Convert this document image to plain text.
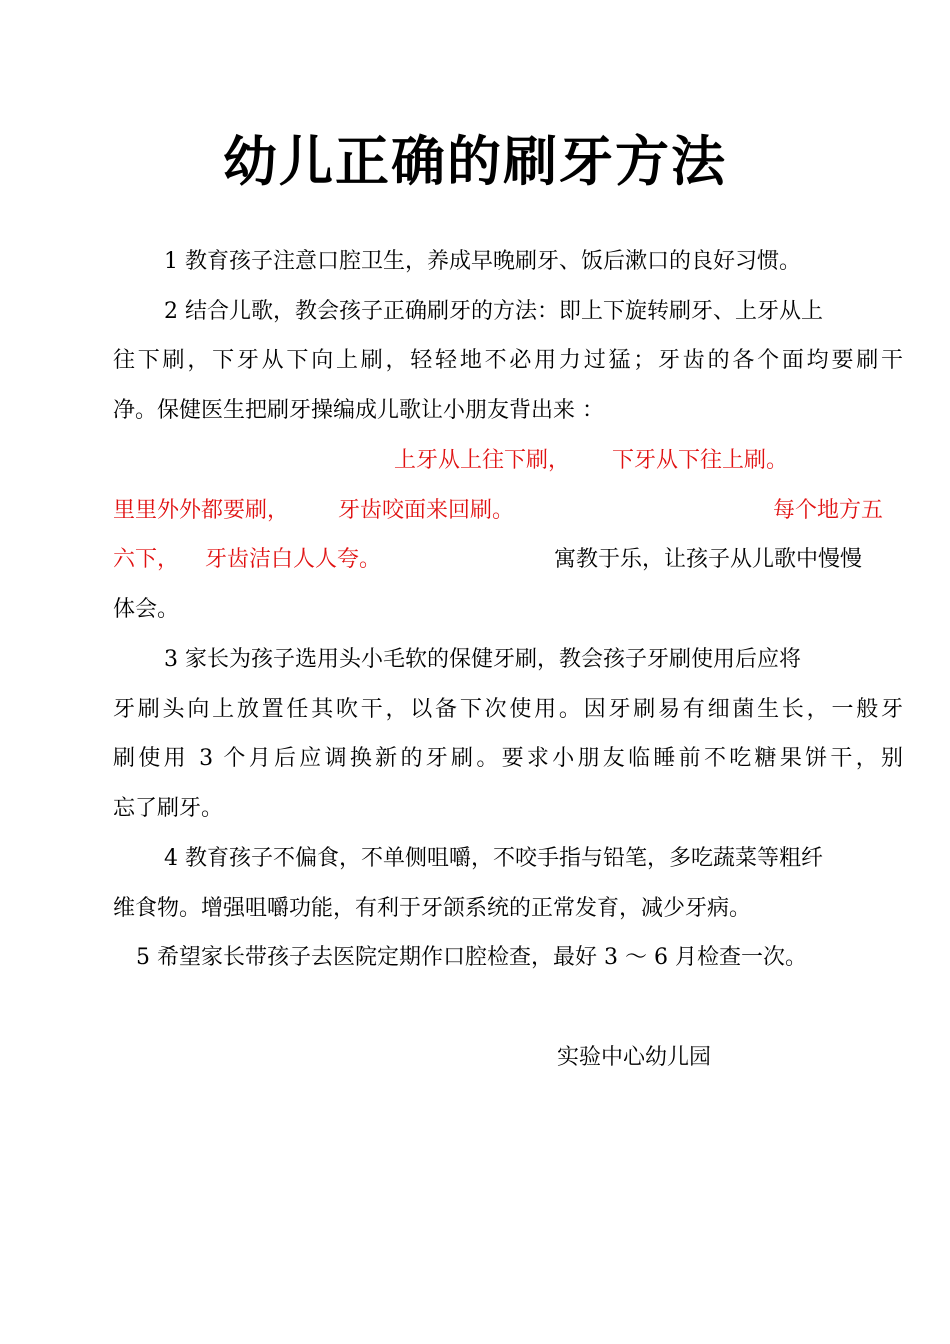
幼儿正确的刷牙方法
1 教育孩子注意口腔卫生，养成早晚刷牙、饭后漱口的良好习惯。
2 结合儿歌，教会孩子正确刷牙的方法：即上下旋转刷牙、上牙从上
往下刷，下牙从下向上刷，轻轻地不必用力过猛；牙齿的各个面均要刷干
净。保健医生把刷牙操编成儿歌让小朋友背出来 ：
上牙从上往下刷， 下牙从下往上刷。
里里外外都要刷， 牙齿咬面来回刷。	每个地方五
六下， 牙齿洁白人人夸。	寓教于乐，让孩子从儿歌中慢慢
体会。
3 家长为孩子选用头小毛软的保健牙刷，教会孩子牙刷使用后应将
牙刷头向上放置任其吹干，以备下次使用。因牙刷易有细菌生长，一般牙
刷使用 3 个月后应调换新的牙刷。要求小朋友临睡前不吃糖果饼干，别
忘了刷牙。
4 教育孩子不偏食，不单侧咀嚼，不咬手指与铅笔，多吃蔬菜等粗纤
维食物。增强咀嚼功能，有利于牙颌系统的正常发育，减少牙病。
5 希望家长带孩子去医院定期作口腔检查，最好 3 ～ 6 月检查一次。
实验中心幼儿园
